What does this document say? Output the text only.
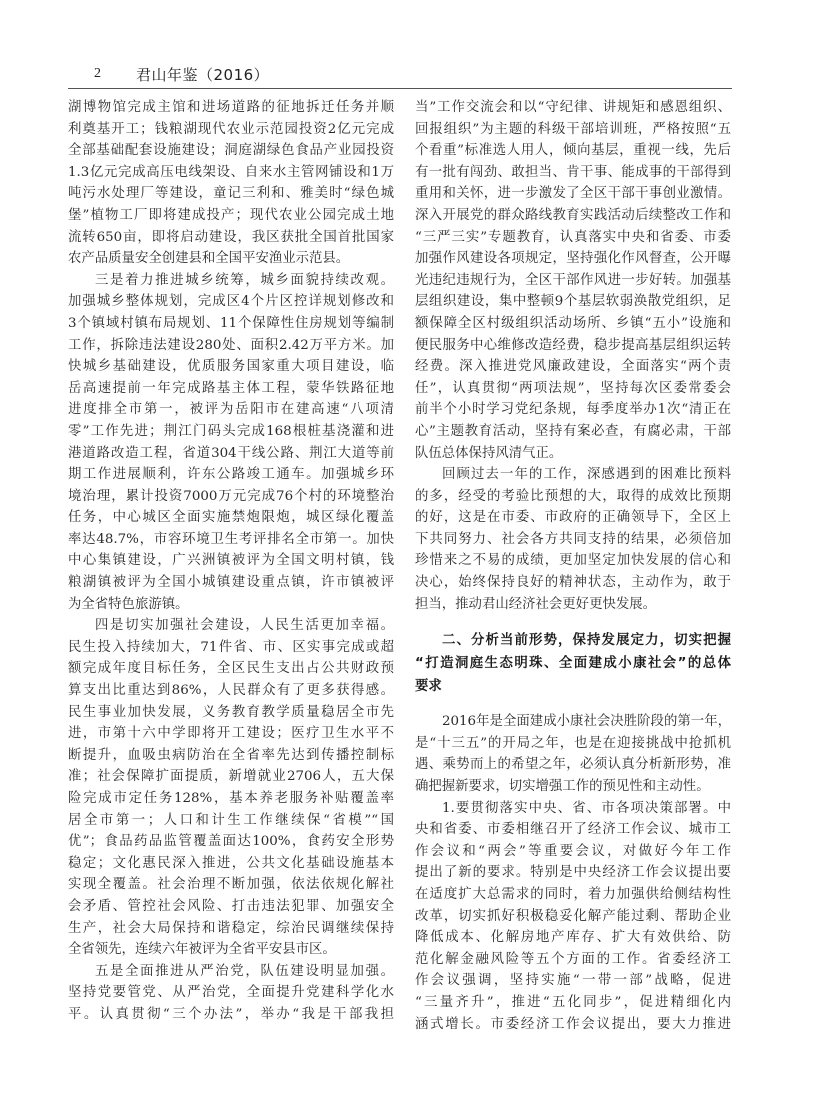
2 君山年鉴（2016）
湖博物馆完成主馆和进场道路的征地拆迁任务并顺
利奠基开工；钱粮湖现代农业示范园投资2亿元完成
全部基础配套设施建设；洞庭湖绿色食品产业园投资
1.3亿元完成高压电线架设、自来水主管网铺设和1万
吨污水处理厂等建设，童记三利和、雅美时“绿色城
堡”植物工厂即将建成投产；现代农业公园完成土地
流转650亩，即将启动建设，我区获批全国首批国家
农产品质量安全创建县和全国平安渔业示范县。
三是着力推进城乡统筹，城乡面貌持续改观。
加强城乡整体规划，完成区4个片区控详规划修改和
3个镇域村镇布局规划、11个保障性住房规划等编制
工作，拆除违法建设280处、面积2.42万平方米。加
快城乡基础建设，优质服务国家重大项目建设，临
岳高速提前一年完成路基主体工程，蒙华铁路征地
进度排全市第一，被评为岳阳市在建高速“八项清
零”工作先进；荆江门码头完成168根桩基浇灌和进
港道路改造工程，省道304干线公路、荆江大道等前
期工作进展顺利，许东公路竣工通车。加强城乡环
境治理，累计投资7000万元完成76个村的环境整治
任务，中心城区全面实施禁炮限炮，城区绿化覆盖
率达48.7%，市容环境卫生考评排名全市第一。加快
中心集镇建设，广兴洲镇被评为全国文明村镇，钱
粮湖镇被评为全国小城镇建设重点镇，许市镇被评
为全省特色旅游镇。
四是切实加强社会建设，人民生活更加幸福。
民生投入持续加大，71件省、市、区实事完成或超
额完成年度目标任务，全区民生支出占公共财政预
算支出比重达到86%，人民群众有了更多获得感。
民生事业加快发展，义务教育教学质量稳居全市先
进，市第十六中学即将开工建设；医疗卫生水平不
断提升，血吸虫病防治在全省率先达到传播控制标
准；社会保障扩面提质，新增就业2706人，五大保
险完成市定任务128%，基本养老服务补贴覆盖率
居全市第一；人口和计生工作继续保“省模”“国
优”；食品药品监管覆盖面达100%，食药安全形势
稳定；文化惠民深入推进，公共文化基础设施基本
实现全覆盖。社会治理不断加强，依法依规化解社
会矛盾、管控社会风险、打击违法犯罪、加强安全
生产，社会大局保持和谐稳定，综治民调继续保持
全省领先，连续六年被评为全省平安县市区。
五是全面推进从严治党，队伍建设明显加强。
坚持党要管党、从严治党，全面提升党建科学化水
平。认真贯彻“三个办法”，举办“我是干部我担
当”工作交流会和以“守纪律、讲规矩和感恩组织、
回报组织”为主题的科级干部培训班，严格按照“五
个看重”标准选人用人，倾向基层，重视一线，先后
有一批有闯劲、敢担当、肯干事、能成事的干部得到
重用和关怀，进一步激发了全区干部干事创业激情。
深入开展党的群众路线教育实践活动后续整改工作和
“三严三实”专题教育，认真落实中央和省委、市委
加强作风建设各项规定，坚持强化作风督查，公开曝
光违纪违规行为，全区干部作风进一步好转。加强基
层组织建设，集中整顿9个基层软弱涣散党组织，足
额保障全区村级组织活动场所、乡镇“五小”设施和
便民服务中心维修改造经费，稳步提高基层组织运转
经费。深入推进党风廉政建设，全面落实“两个责
任”，认真贯彻“两项法规”，坚持每次区委常委会
前半个小时学习党纪条规，每季度举办1次“清正在
心”主题教育活动，坚持有案必查，有腐必肃，干部
队伍总体保持风清气正。
回顾过去一年的工作，深感遇到的困难比预料
的多，经受的考验比预想的大，取得的成效比预期
的好，这是在市委、市政府的正确领导下，全区上
下共同努力、社会各方共同支持的结果，必须倍加
珍惜来之不易的成绩，更加坚定加快发展的信心和
决心，始终保持良好的精神状态，主动作为，敢于
担当，推动君山经济社会更好更快发展。
二、分析当前形势，保持发展定力，切实把握
“打造洞庭生态明珠、全面建成小康社会”的总体
要求
2016年是全面建成小康社会决胜阶段的第一年，
是“十三五”的开局之年，也是在迎接挑战中抢抓机
遇、乘势而上的希望之年，必须认真分析新形势，准
确把握新要求，切实增强工作的预见性和主动性。
1.要贯彻落实中央、省、市各项决策部署。中
央和省委、市委相继召开了经济工作会议、城市工
作会议和“两会”等重要会议，对做好今年工作
提出了新的要求。特别是中央经济工作会议提出要
在适度扩大总需求的同时，着力加强供给侧结构性
改革，切实抓好积极稳妥化解产能过剩、帮助企业
降低成本、化解房地产库存、扩大有效供给、防
范化解金融风险等五个方面的工作。省委经济工
作会议强调，坚持实施“一带一部”战略，促进
“三量齐升”，推进“五化同步”，促进精细化内
涵式增长。市委经济工作会议提出，要大力推进
